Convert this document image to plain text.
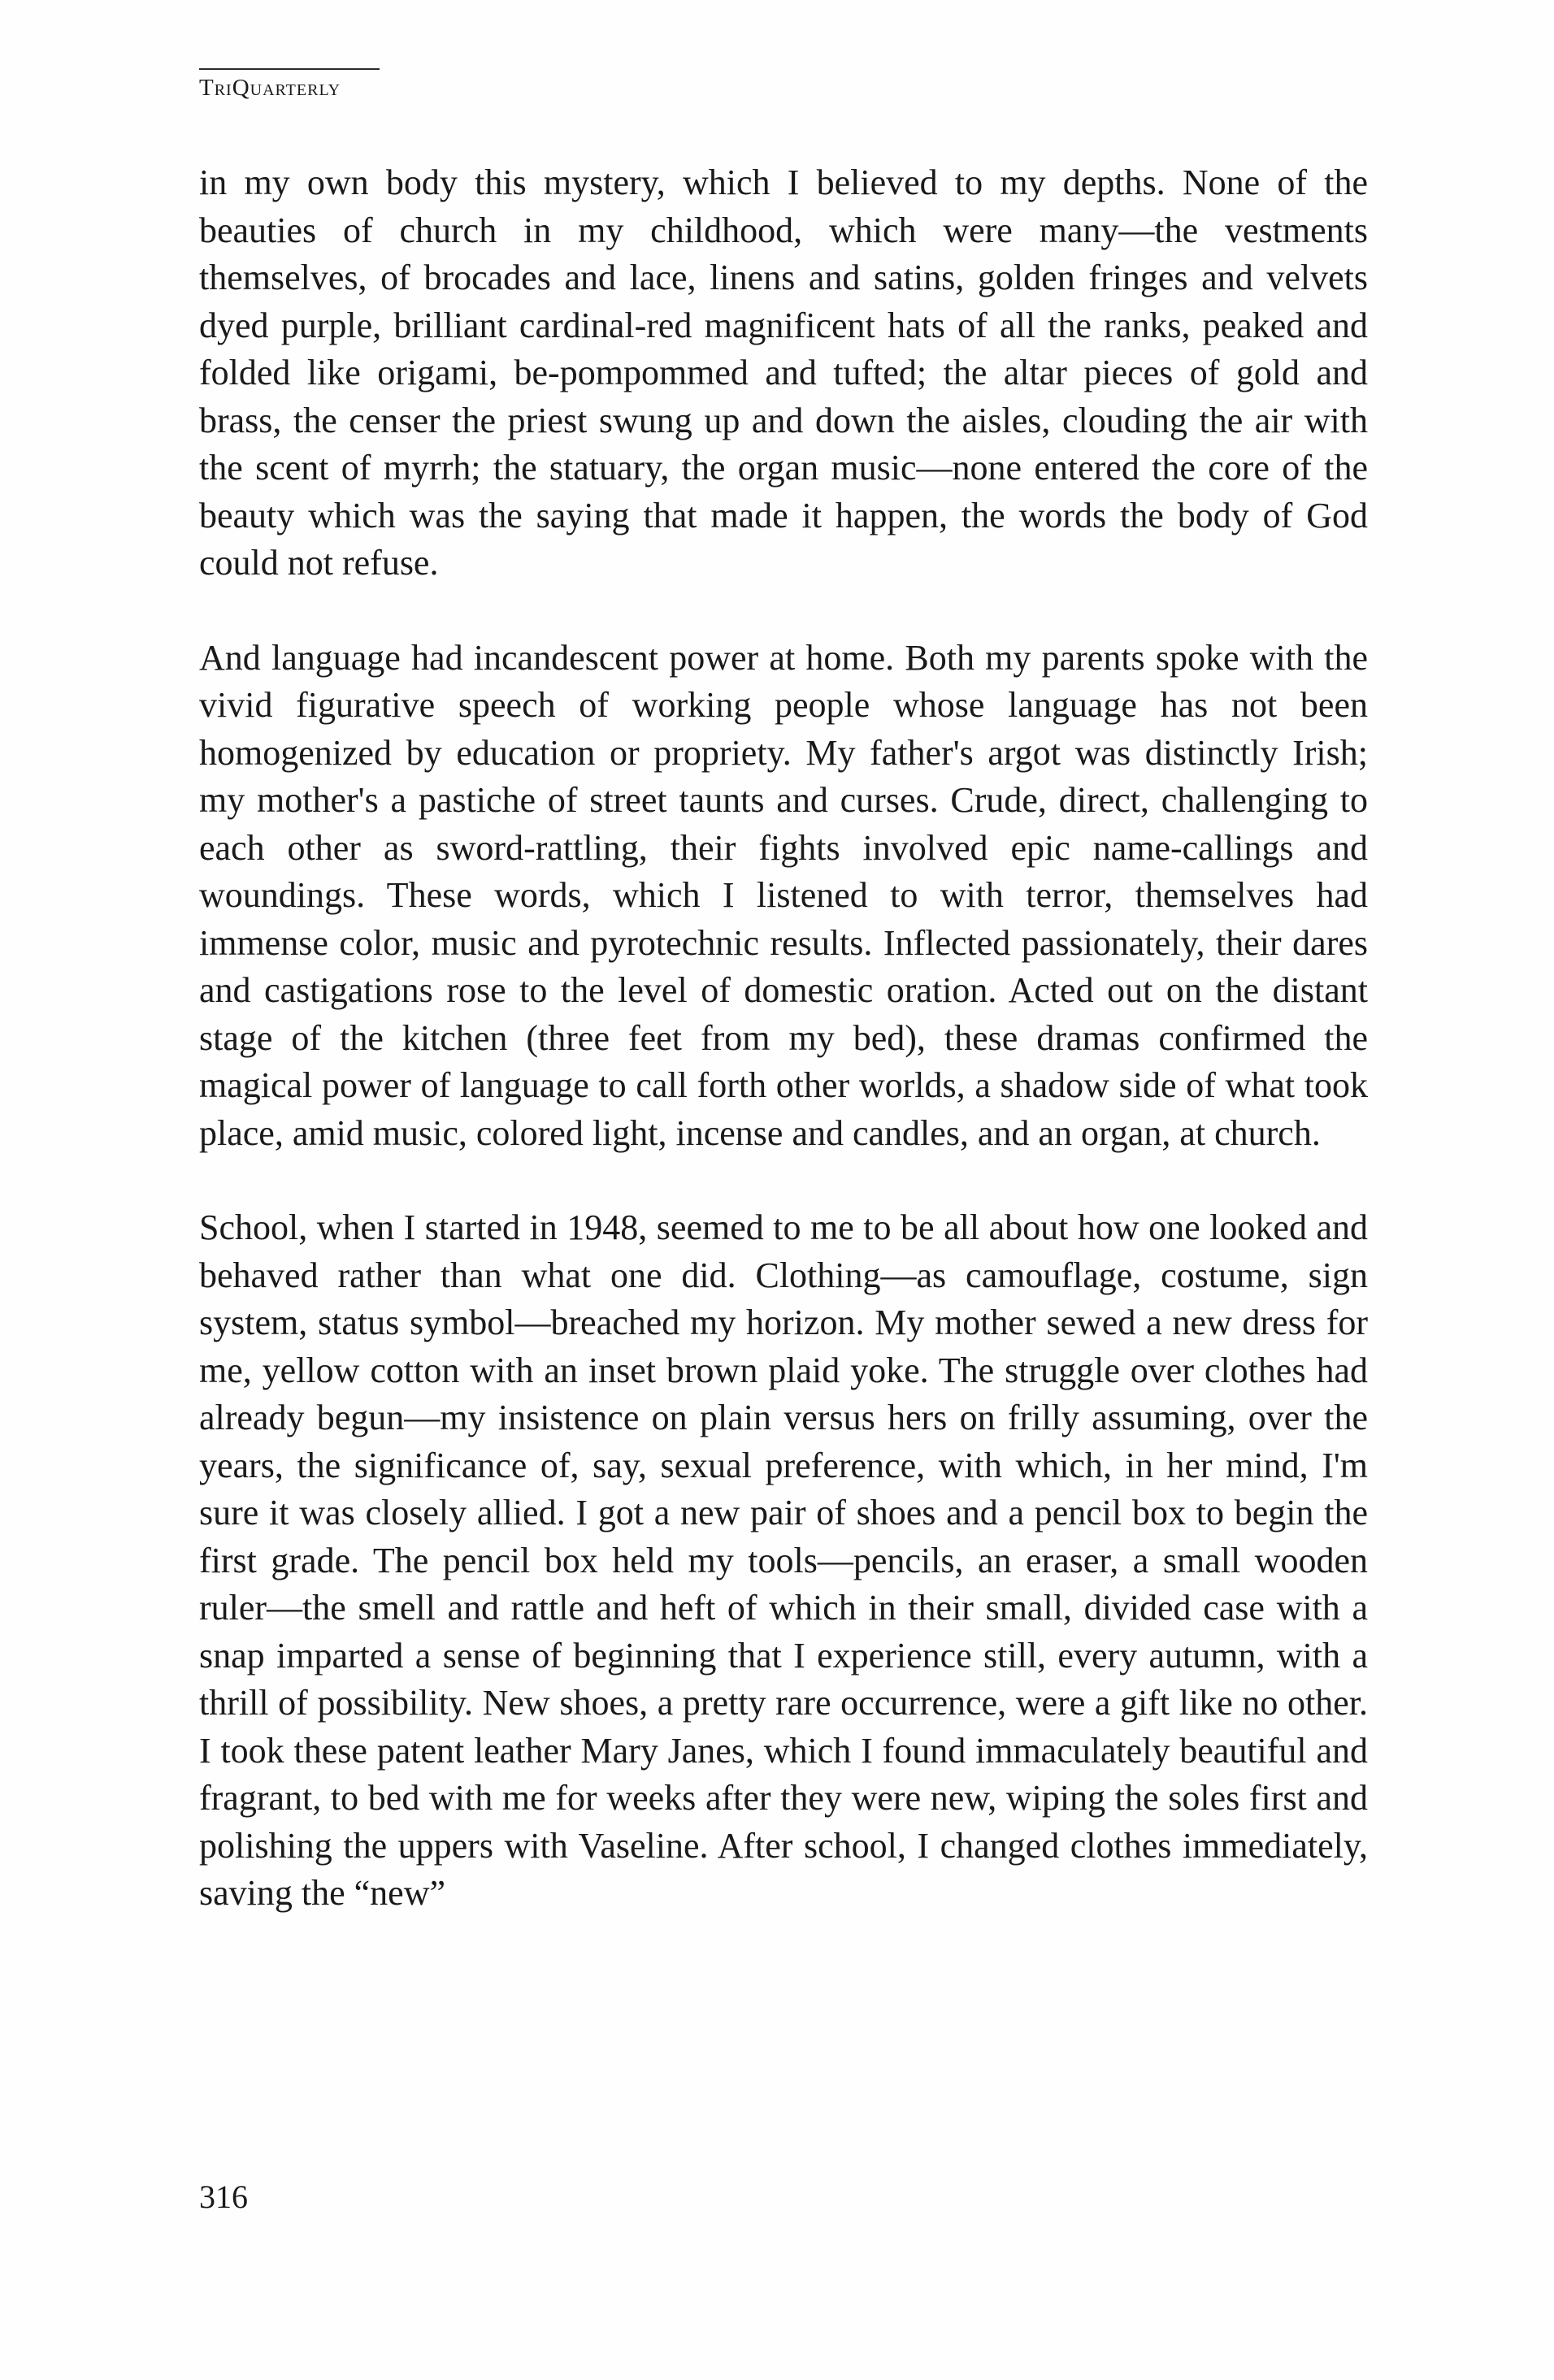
TriQuarterly

in my own body this mystery, which I believed to my depths. None of the beauties of church in my childhood, which were many—the vestments themselves, of brocades and lace, linens and satins, golden fringes and velvets dyed purple, brilliant cardinal-red magnificent hats of all the ranks, peaked and folded like origami, be-pompommed and tufted; the altar pieces of gold and brass, the censer the priest swung up and down the aisles, clouding the air with the scent of myrrh; the statuary, the organ music—none entered the core of the beauty which was the saying that made it happen, the words the body of God could not refuse.

And language had incandescent power at home. Both my parents spoke with the vivid figurative speech of working people whose language has not been homogenized by education or propriety. My father's argot was distinctly Irish; my mother's a pastiche of street taunts and curses. Crude, direct, challenging to each other as sword-rattling, their fights involved epic name-callings and woundings. These words, which I listened to with terror, themselves had immense color, music and pyrotechnic results. Inflected passionately, their dares and castigations rose to the level of domestic oration. Acted out on the distant stage of the kitchen (three feet from my bed), these dramas confirmed the magical power of language to call forth other worlds, a shadow side of what took place, amid music, colored light, incense and candles, and an organ, at church.

School, when I started in 1948, seemed to me to be all about how one looked and behaved rather than what one did. Clothing—as camouflage, costume, sign system, status symbol—breached my horizon. My mother sewed a new dress for me, yellow cotton with an inset brown plaid yoke. The struggle over clothes had already begun—my insistence on plain versus hers on frilly assuming, over the years, the significance of, say, sexual preference, with which, in her mind, I'm sure it was closely allied. I got a new pair of shoes and a pencil box to begin the first grade. The pencil box held my tools—pencils, an eraser, a small wooden ruler—the smell and rattle and heft of which in their small, divided case with a snap imparted a sense of beginning that I experience still, every autumn, with a thrill of possibility. New shoes, a pretty rare occurrence, were a gift like no other. I took these patent leather Mary Janes, which I found immaculately beautiful and fragrant, to bed with me for weeks after they were new, wiping the soles first and polishing the uppers with Vaseline. After school, I changed clothes immediately, saving the “new”

316
